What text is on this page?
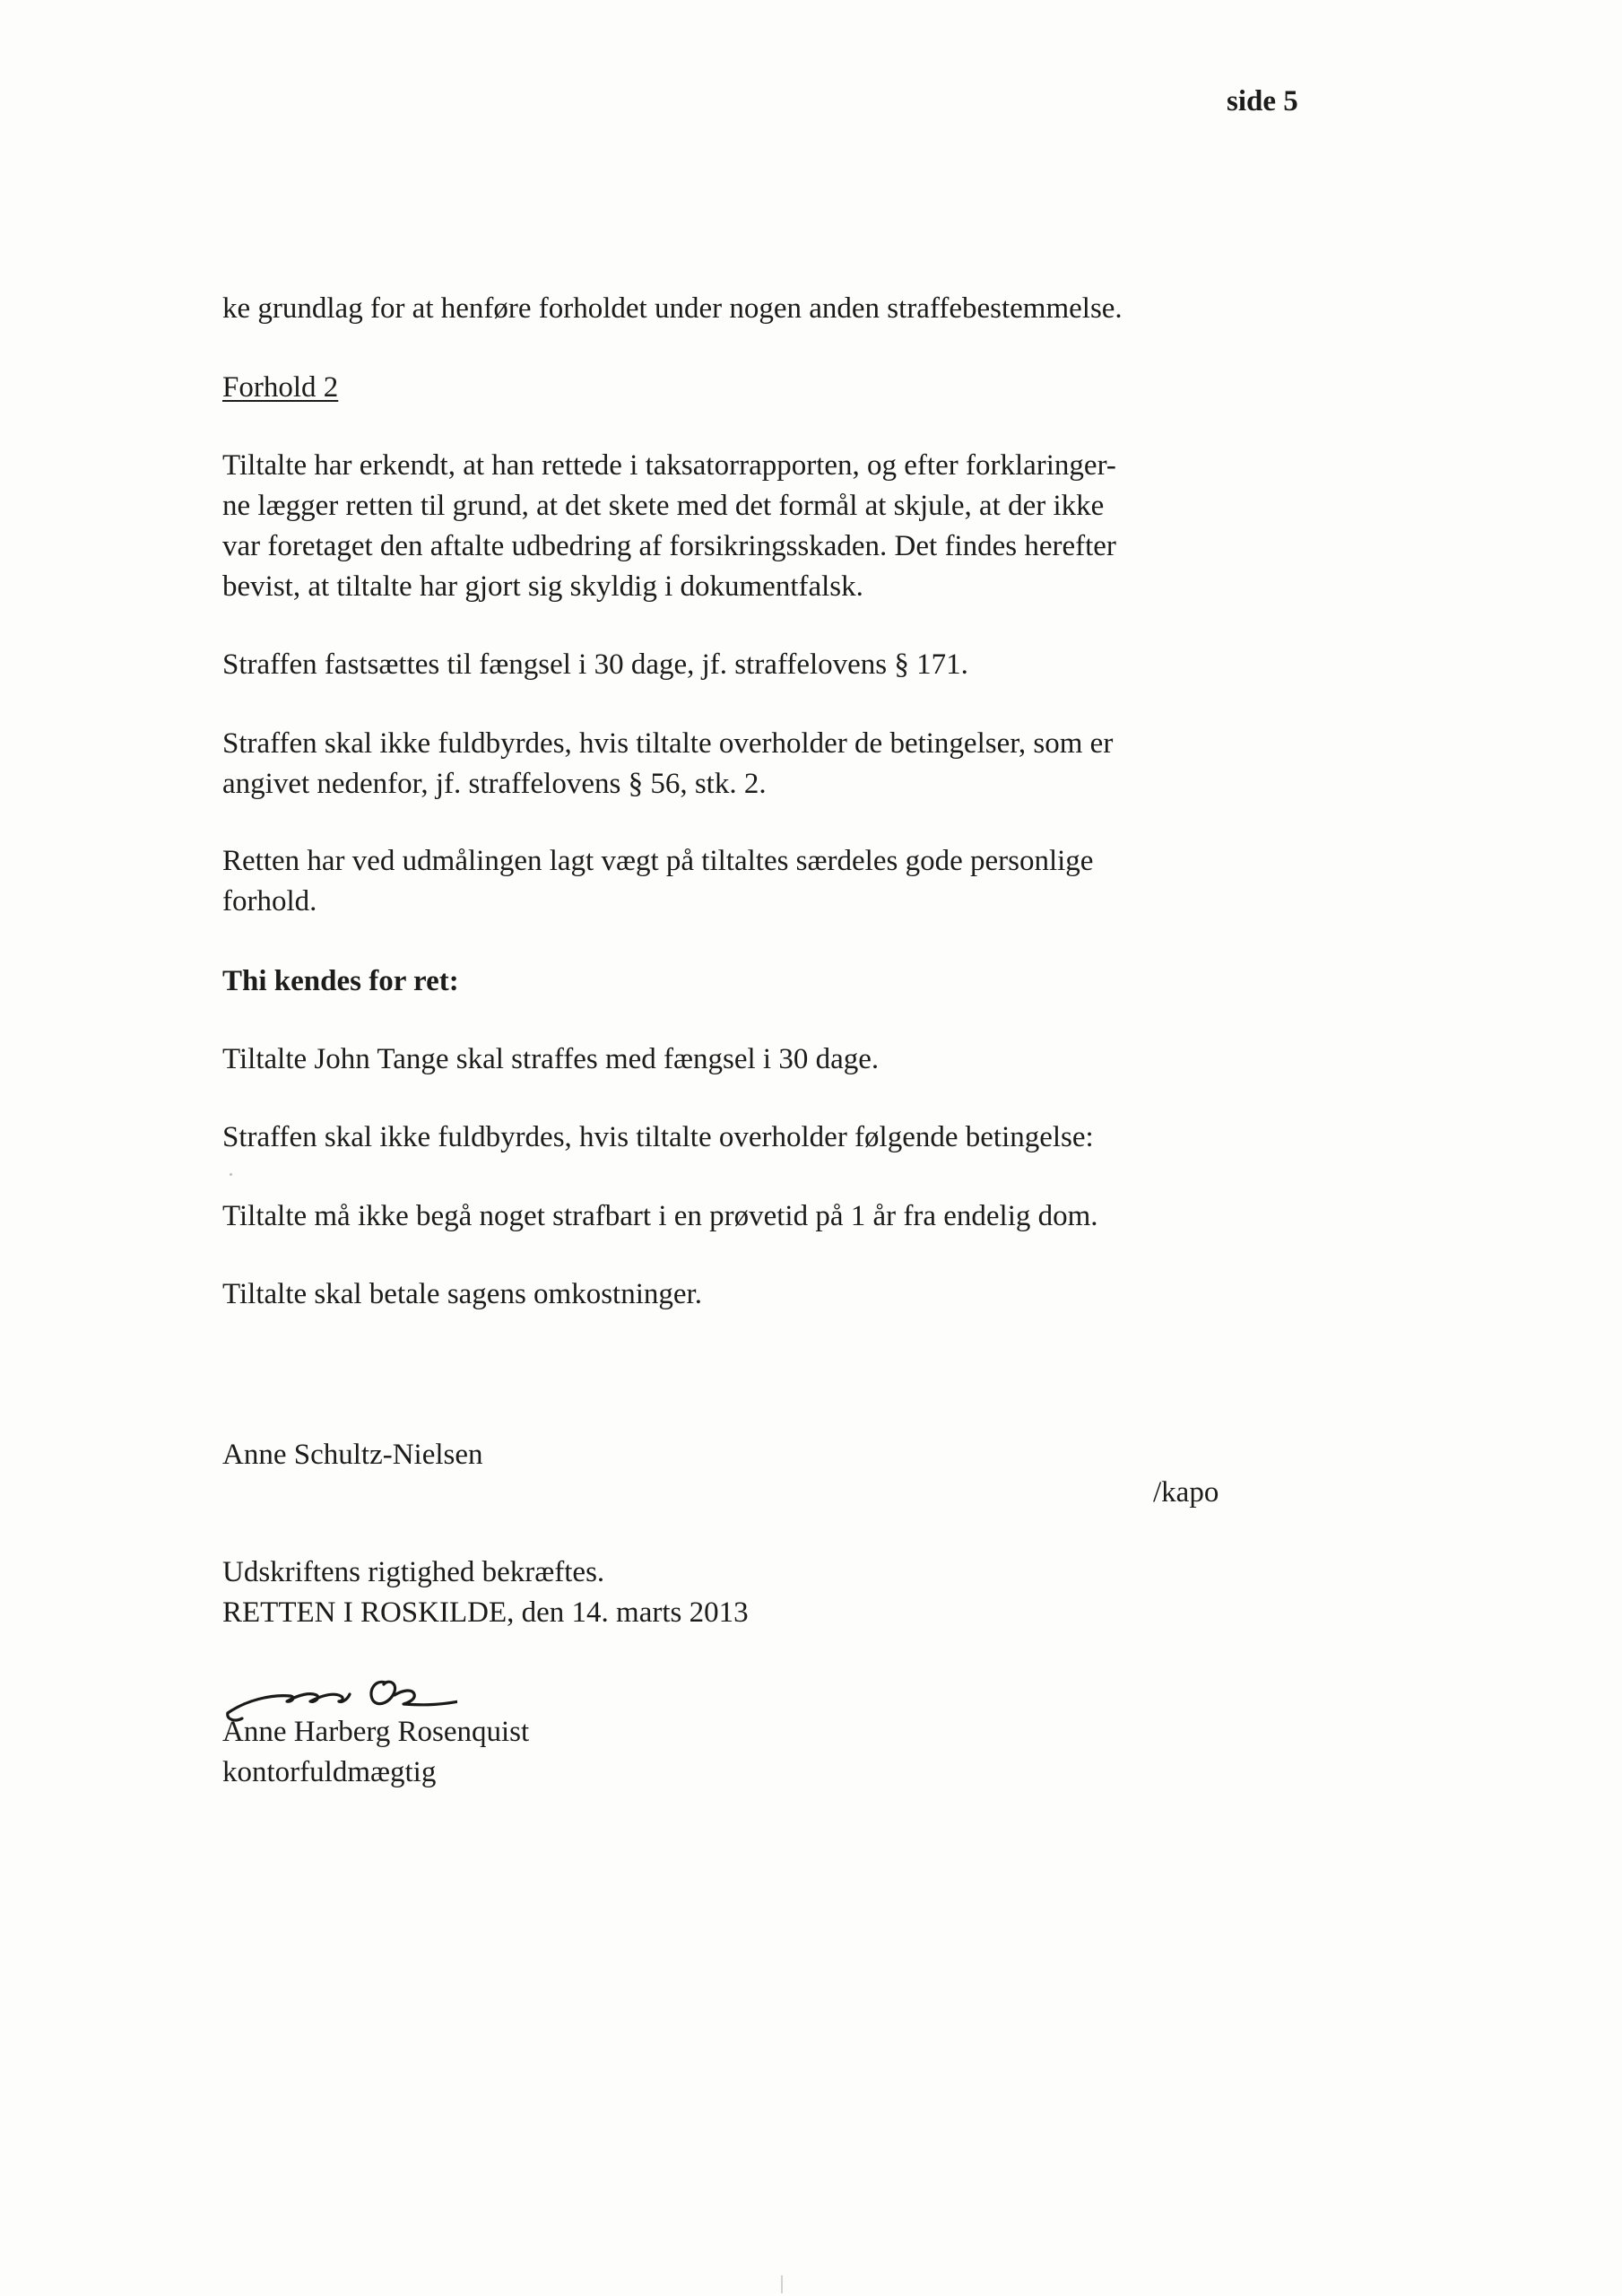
side 5
ke grundlag for at henføre forholdet under nogen anden straffebestemmelse.
Forhold 2
Tiltalte har erkendt, at han rettede i taksatorrapporten, og efter forklaringer-
ne lægger retten til grund, at det skete med det formål at skjule, at der ikke
var foretaget den aftalte udbedring af forsikringsskaden. Det findes herefter
bevist, at tiltalte har gjort sig skyldig i dokumentfalsk.
Straffen fastsættes til fængsel i 30 dage, jf. straffelovens § 171.
Straffen skal ikke fuldbyrdes, hvis tiltalte overholder de betingelser, som er
angivet nedenfor, jf. straffelovens § 56, stk. 2.
Retten har ved udmålingen lagt vægt på tiltaltes særdeles gode personlige
forhold.
Thi kendes for ret:
Tiltalte John Tange skal straffes med fængsel i 30 dage.
Straffen skal ikke fuldbyrdes, hvis tiltalte overholder følgende betingelse:
Tiltalte må ikke begå noget strafbart i en prøvetid på 1 år fra endelig dom.
Tiltalte skal betale sagens omkostninger.
Anne Schultz-Nielsen
/kapo
Udskriftens rigtighed bekræftes.
RETTEN I ROSKILDE, den 14. marts 2013
Anne Harberg Rosenquist
kontorfuldmægtig
